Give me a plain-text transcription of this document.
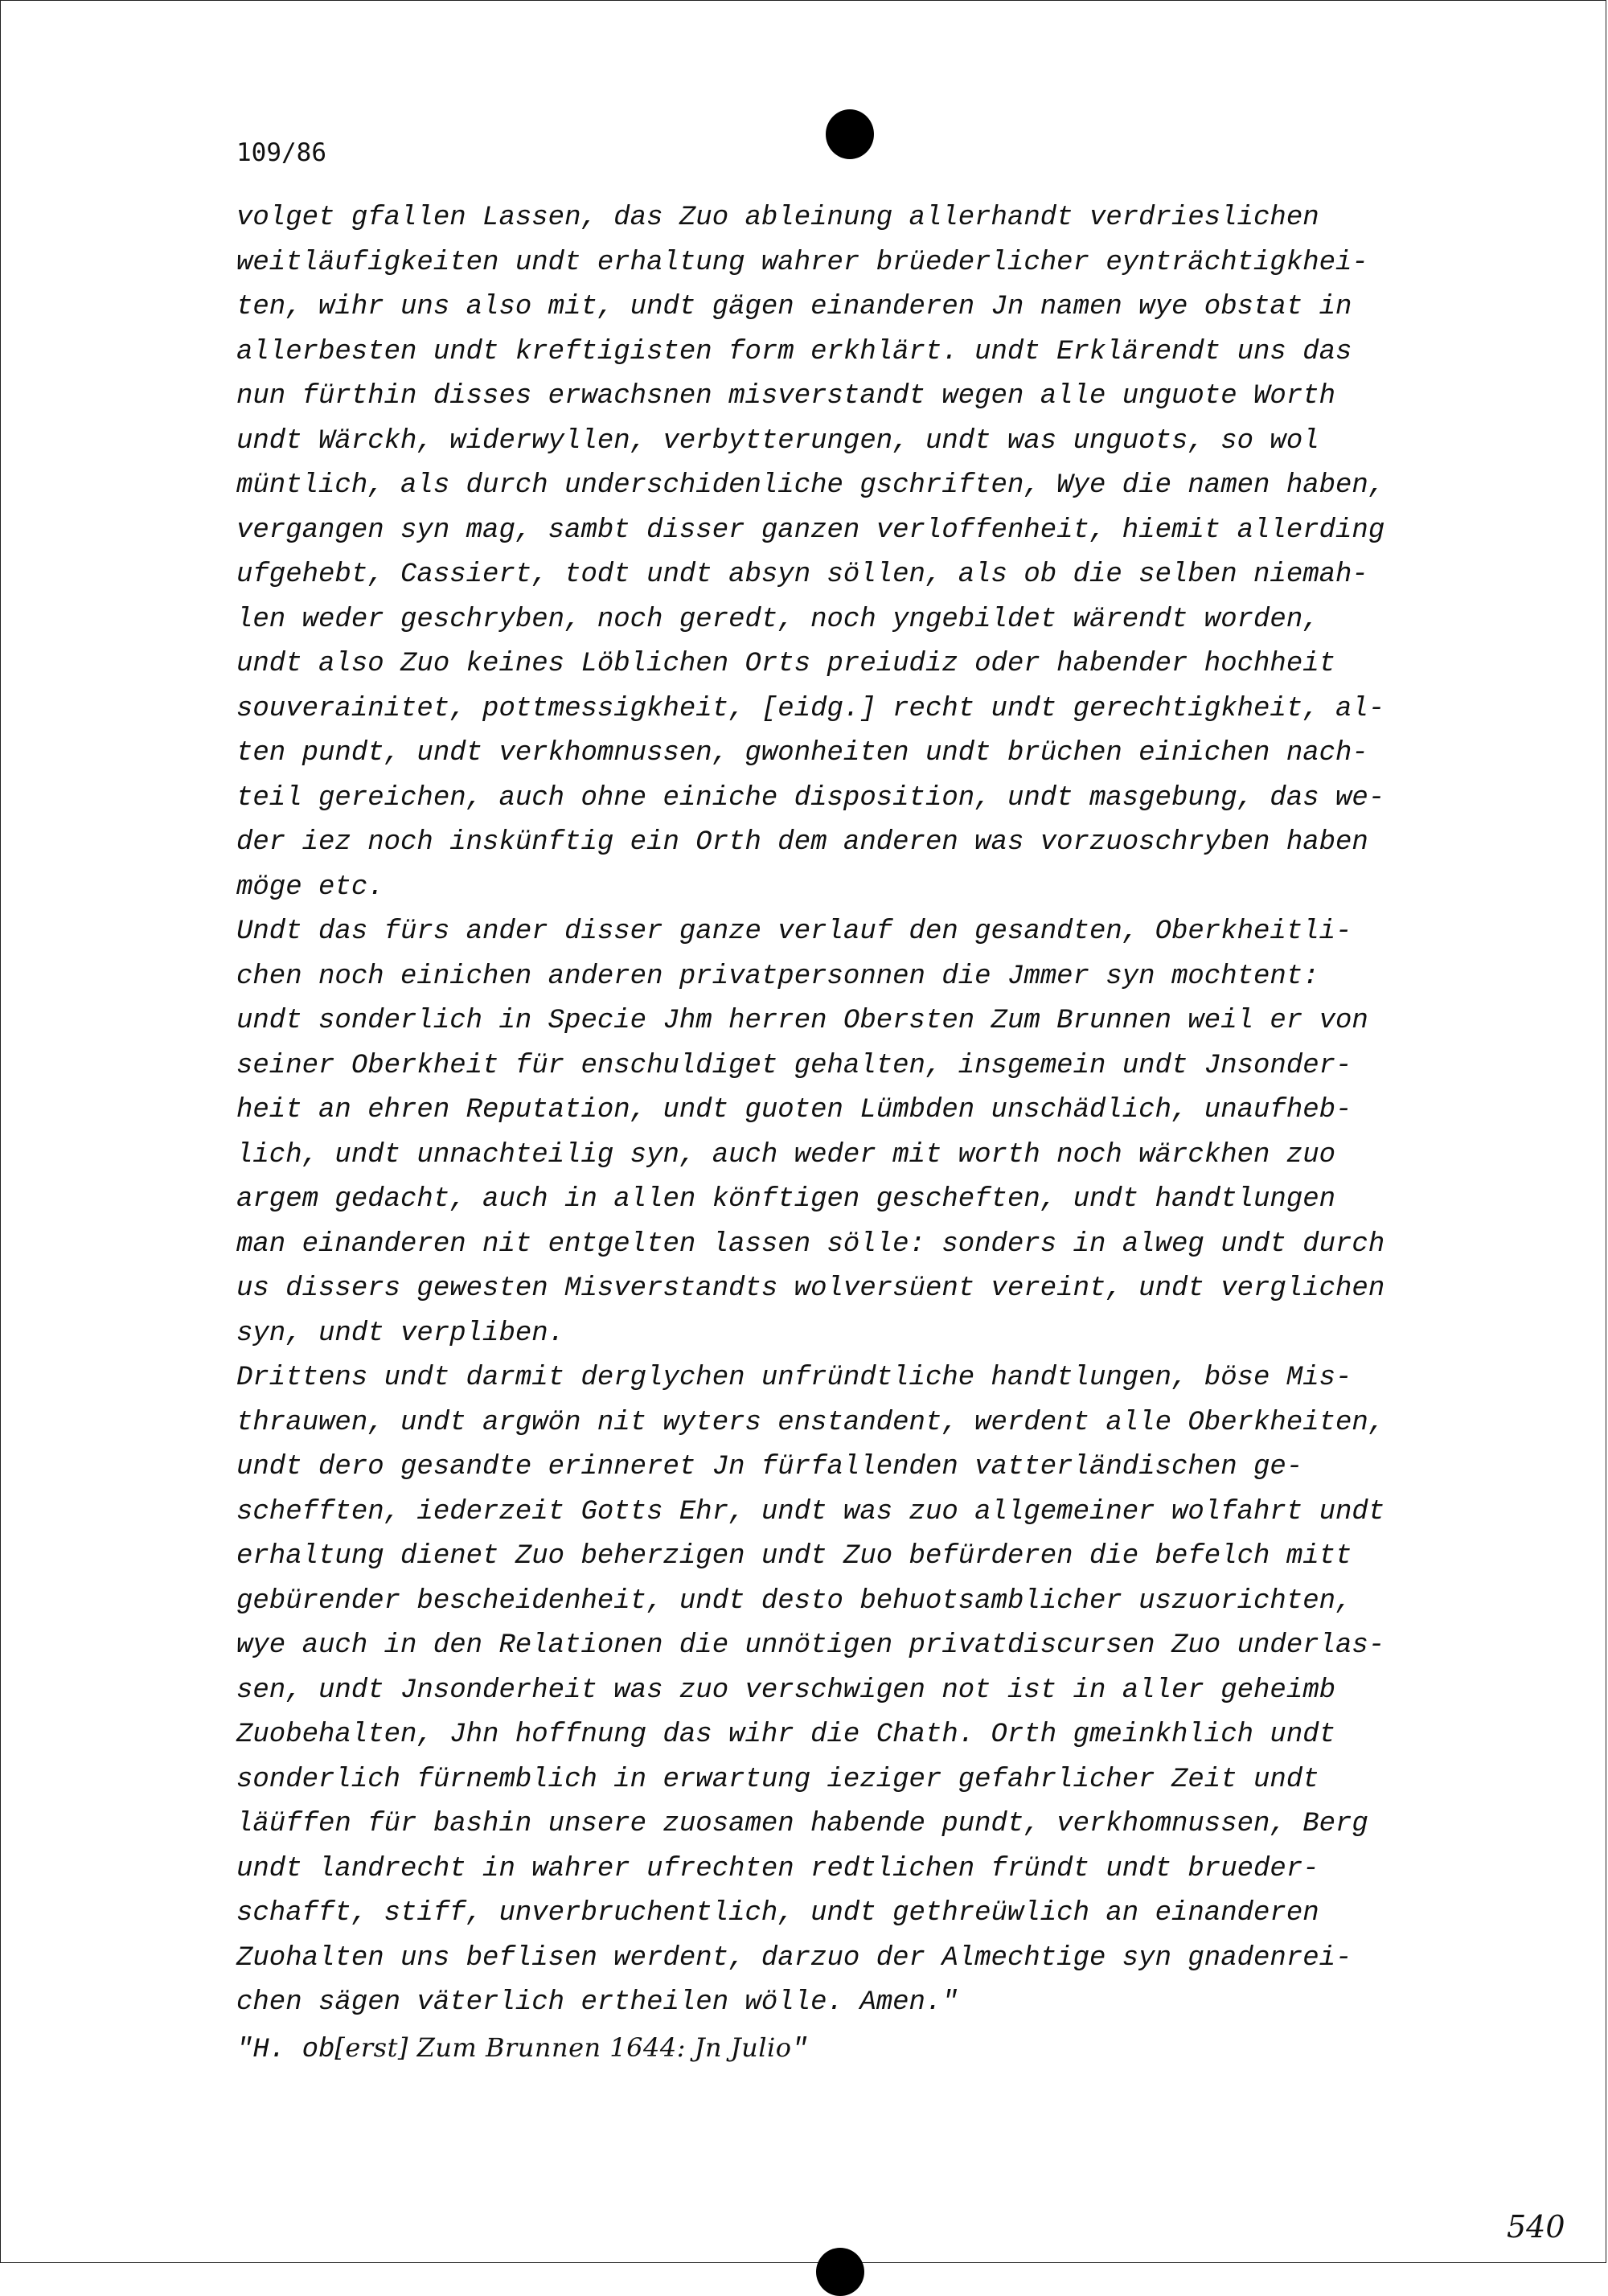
109/86

volget gfallen Lassen, das Zuo ableinung allerhandt verdrieslichen
weitläufigkeiten undt erhaltung wahrer brüederlicher eynträchtigkhei-
ten, wihr uns also mit, undt gägen einanderen Jn namen wye obstat in
allerbesten undt kreftigisten form erkhlärt. undt Erklärendt uns das
nun fürthin disses erwachsnen misverstandt wegen alle unguote Worth
undt Wärckh, widerwyllen, verbytterungen, undt was unguots, so wol
müntlich, als durch underschidenliche gschriften, Wye die namen haben,
vergangen syn mag, sambt disser ganzen verloffenheit, hiemit allerding
ufgehebt, Cassiert, todt undt absyn söllen, als ob die selben niemah-
len weder geschryben, noch geredt, noch yngebildet wärendt worden,
undt also Zuo keines Löblichen Orts preiudiz oder habender hochheit
souverainitet, pottmessigkheit, [eidg.] recht undt gerechtigkheit, al-
ten pundt, undt verkhomnussen, gwonheiten undt brüchen einichen nach-
teil gereichen, auch ohne einiche disposition, undt masgebung, das we-
der iez noch inskünftig ein Orth dem anderen was vorzuoschryben haben
möge etc.
Undt das fürs ander disser ganze verlauf den gesandten, Oberkheitli-
chen noch einichen anderen privatpersonnen die Jmmer syn mochtent:
undt sonderlich in Specie Jhm herren Obersten Zum Brunnen weil er von
seiner Oberkheit für enschuldiget gehalten, insgemein undt Jnsonder-
heit an ehren Reputation, undt guoten Lümbden unschädlich, unaufheb-
lich, undt unnachteilig syn, auch weder mit worth noch wärckhen zuo
argem gedacht, auch in allen könftigen gescheften, undt handtlungen
man einanderen nit entgelten lassen sölle: sonders in alweg undt durch
us dissers gewesten Misverstandts wolversüent vereint, undt verglichen
syn, undt verpliben.
Drittens undt darmit derglychen unfründtliche handtlungen, böse Mis-
thrauwen, undt argwön nit wyters enstandent, werdent alle Oberkheiten,
undt dero gesandte erinneret Jn fürfallenden vatterländischen ge-
schefften, iederzeit Gotts Ehr, undt was zuo allgemeiner wolfahrt undt
erhaltung dienet Zuo beherzigen undt Zuo befürderen die befelch mitt
gebürender bescheidenheit, undt desto behuotsamblicher uszuorichten,
wye auch in den Relationen die unnötigen privatdiscursen Zuo underlas-
sen, undt Jnsonderheit was zuo verschwigen not ist in aller geheimb
Zuobehalten, Jhn hoffnung das wihr die Chath. Orth gmeinkhlich undt
sonderlich fürnemblich in erwartung ieziger gefahrlicher Zeit undt
läüffen für bashin unsere zuosamen habende pundt, verkhomnussen, Berg
undt landrecht in wahrer ufrechten redtlichen fründt undt brueder-
schafft, stiff, unverbruchentlich, undt gethreüwlich an einanderen
Zuohalten uns beflisen werdent, darzuo der Almechtige syn gnadenrei-
chen sägen väterlich ertheilen wölle. Amen."
"H. ob[erst] Zum Brunnen 1644: Jn Julio"

540
